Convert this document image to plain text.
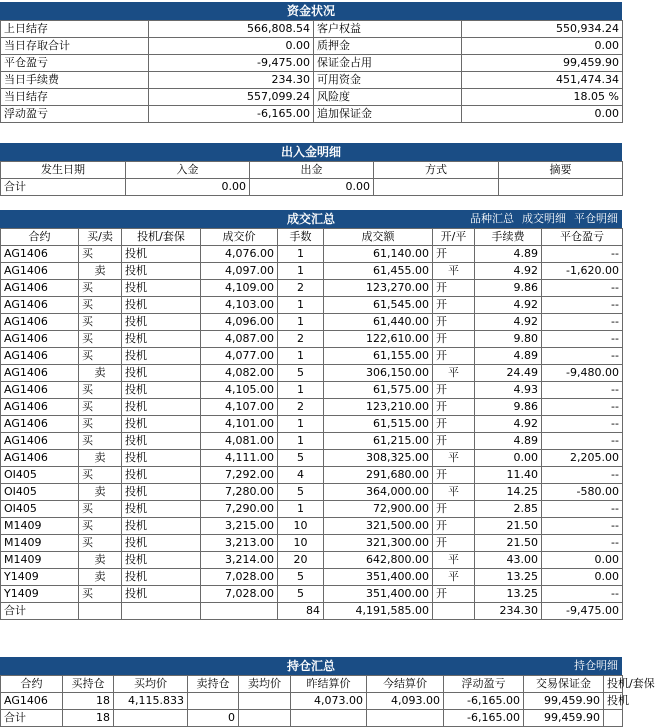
资金状况
上日结存	566,808.54	客户权益	550,934.24
当日存取合计	0.00	质押金	0.00
平仓盈亏	-9,475.00	保证金占用	99,459.90
当日手续费	234.30	可用资金	451,474.34
当日结存	557,099.24	风险度	18.05 %
浮动盈亏	-6,165.00	追加保证金	0.00
出入金明细
发生日期	入金	出金	方式	摘要
合计	0.00	0.00		
成交汇总	品种汇总 成交明细 平仓明细
合约	买/卖	投机/套保	成交价	手数	成交额	开/平	手续费	平仓盈亏
AG1406	买	投机	4,076.00	1	61,140.00	开	4.89	--
AG1406	卖	投机	4,097.00	1	61,455.00	平	4.92	-1,620.00
AG1406	买	投机	4,109.00	2	123,270.00	开	9.86	--
AG1406	买	投机	4,103.00	1	61,545.00	开	4.92	--
AG1406	买	投机	4,096.00	1	61,440.00	开	4.92	--
AG1406	买	投机	4,087.00	2	122,610.00	开	9.80	--
AG1406	买	投机	4,077.00	1	61,155.00	开	4.89	--
AG1406	卖	投机	4,082.00	5	306,150.00	平	24.49	-9,480.00
AG1406	买	投机	4,105.00	1	61,575.00	开	4.93	--
AG1406	买	投机	4,107.00	2	123,210.00	开	9.86	--
AG1406	买	投机	4,101.00	1	61,515.00	开	4.92	--
AG1406	买	投机	4,081.00	1	61,215.00	开	4.89	--
AG1406	卖	投机	4,111.00	5	308,325.00	平	0.00	2,205.00
OI405	买	投机	7,292.00	4	291,680.00	开	11.40	--
OI405	卖	投机	7,280.00	5	364,000.00	平	14.25	-580.00
OI405	买	投机	7,290.00	1	72,900.00	开	2.85	--
M1409	买	投机	3,215.00	10	321,500.00	开	21.50	--
M1409	买	投机	3,213.00	10	321,300.00	开	21.50	--
M1409	卖	投机	3,214.00	20	642,800.00	平	43.00	0.00
Y1409	卖	投机	7,028.00	5	351,400.00	平	13.25	0.00
Y1409	买	投机	7,028.00	5	351,400.00	开	13.25	--
合计				84	4,191,585.00		234.30	-9,475.00
持仓汇总	持仓明细
合约	买持仓	买均价	卖持仓	卖均价	昨结算价	今结算价	浮动盈亏	交易保证金	投机/套保
AG1406	18	4,115.833			4,073.00	4,093.00	-6,165.00	99,459.90	投机
合计	18		0				-6,165.00	99,459.90	
